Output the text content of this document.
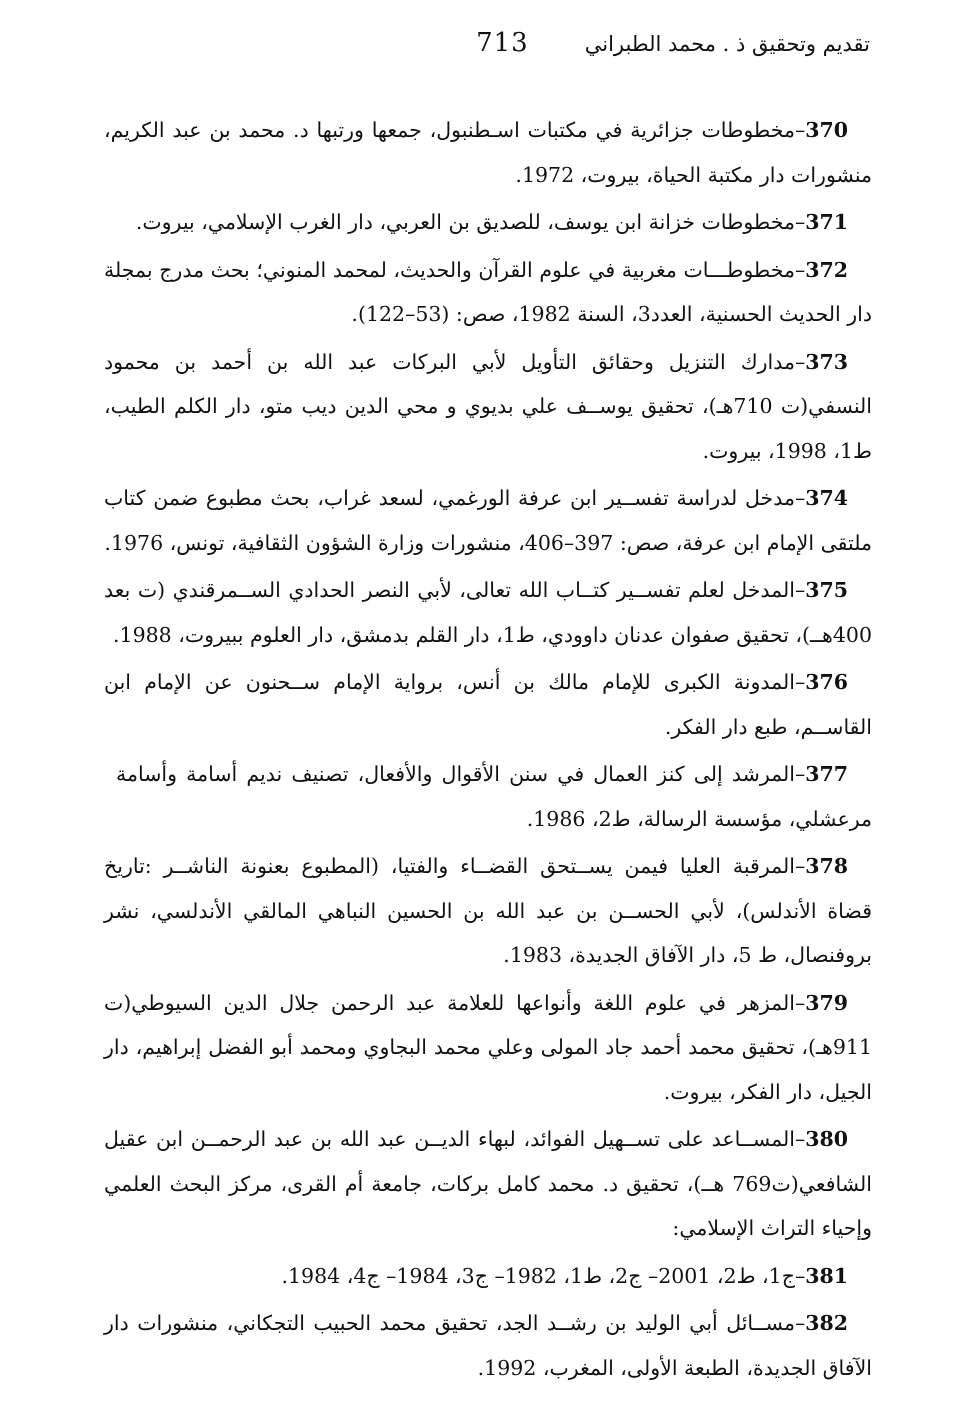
تقديم وتحقيق ذ . محمد الطبراني
713

370–مخطوطات جزائرية في مكتبات اسـطنبول، جمعها ورتبها د. محمد بن عبد الكريم، منشورات دار مكتبة الحياة، بيروت، 1972.

371–مخطوطات خزانة ابن يوسف، للصديق بن العربي، دار الغرب الإسلامي، بيروت.

372–مخطوطـــات مغربية في علوم القرآن والحديث، لمحمد المنوني؛ بحث مدرج بمجلة دار الحديث الحسنية، العدد3، السنة 1982، صص: (53–122).

373–مدارك التنزيل وحقائق التأويل لأبي البركات عبد الله بن أحمد بن محمود النسفي(ت 710هـ)، تحقيق يوســف علي بديوي و محي الدين ديب متو، دار الكلم الطيب، ط1، 1998، بيروت.

374–مدخل لدراسة تفســير ابن عرفة الورغمي، لسعد غراب، بحث مطبوع ضمن كتاب ملتقى الإمام ابن عرفة، صص: 397–406، منشورات وزارة الشؤون الثقافية، تونس، 1976.

375–المدخل لعلم تفســير كتــاب الله تعالى، لأبي النصر الحدادي الســمرقندي (ت بعد 400هــ)، تحقيق صفوان عدنان داوودي، ط1، دار القلم بدمشق، دار العلوم ببيروت، 1988.

376–المدونة الكبرى للإمام مالك بن أنس، برواية الإمام ســحنون عن الإمام ابن القاســم، طبع دار الفكر.

377–المرشد إلى كنز العمال في سنن الأقوال والأفعال، تصنيف نديم أسامة وأسامة مرعشلي، مؤسسة الرسالة، ط2، 1986.

378–المرقبة العليا فيمن يســتحق القضــاء والفتيا، (المطبوع بعنونة الناشــر :تاريخ قضاة الأندلس)، لأبي الحســن بن عبد الله بن الحسين النباهي المالقي الأندلسي، نشر بروفنصال، ط 5، دار الآفاق الجديدة، 1983.

379–المزهر في علوم اللغة وأنواعها للعلامة عبد الرحمن جلال الدين السيوطي(ت 911هـ)، تحقيق محمد أحمد جاد المولى وعلي محمد البجاوي ومحمد أبو الفضل إبراهيم، دار الجيل، دار الفكر، بيروت.

380–المســاعد على تســهيل الفوائد، لبهاء الديــن عبد الله بن عبد الرحمــن ابن عقيل الشافعي(ت769 هــ)، تحقيق د. محمد كامل بركات، جامعة أم القرى، مركز البحث العلمي وإحياء التراث الإسلامي:

381–ج1، ط2، 2001– ج2، ط1، 1982– ج3، 1984– ج4، 1984.

382–مســائل أبي الوليد بن رشــد الجد، تحقيق محمد الحبيب التجكاني، منشورات دار الآفاق الجديدة، الطبعة الأولى، المغرب، 1992.
